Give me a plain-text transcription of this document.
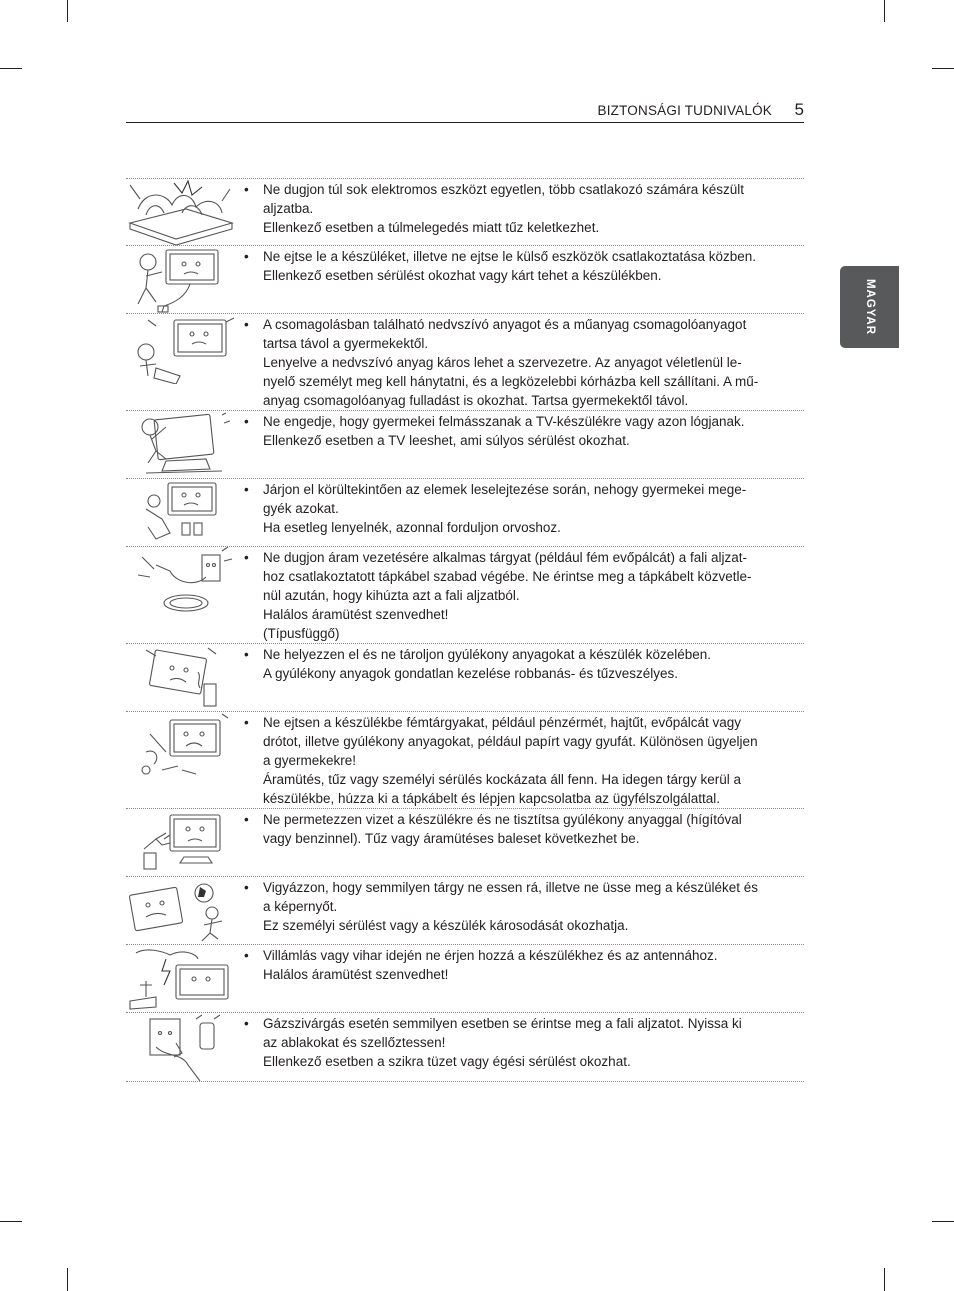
BIZTONSÁGI TUDNIVALÓK 5
MAGYAR
• Ne dugjon túl sok elektromos eszközt egyetlen, több csatlakozó számára készült

aljzatba.

Ellenkező esetben a túlmelegedés miatt tűz keletkezhet.

• Ne ejtse le a készüléket, illetve ne ejtse le külső eszközök csatlakoztatása közben.

Ellenkező esetben sérülést okozhat vagy kárt tehet a készülékben.

• A csomagolásban található nedvszívó anyagot és a műanyag csomagolóanyagot

tartsa távol a gyermekektől.

Lenyelve a nedvszívó anyag káros lehet a szervezetre. Az anyagot véletlenül le-

nyelő személyt meg kell hánytatni, és a legközelebbi kórházba kell szállítani. A mű-

anyag csomagolóanyag fulladást is okozhat. Tartsa gyermekektől távol.

• Ne engedje, hogy gyermekei felmásszanak a TV-készülékre vagy azon lógjanak.

Ellenkező esetben a TV leeshet, ami súlyos sérülést okozhat.

• Járjon el körültekintően az elemek leselejtezése során, nehogy gyermekei mege-

gyék azokat.

Ha esetleg lenyelnék, azonnal forduljon orvoshoz.

• Ne dugjon áram vezetésére alkalmas tárgyat (például fém evőpálcát) a fali aljzat-

hoz csatlakoztatott tápkábel szabad végébe. Ne érintse meg a tápkábelt közvetle-

nül azután, hogy kihúzta azt a fali aljzatból.

Halálos áramütést szenvedhet!

(Típusfüggő)

• Ne helyezzen el és ne tároljon gyúlékony anyagokat a készülék közelében.

A gyúlékony anyagok gondatlan kezelése robbanás- és tűzveszélyes.

• Ne ejtsen a készülékbe fémtárgyakat, például pénzérmét, hajtűt, evőpálcát vagy

drótot, illetve gyúlékony anyagokat, például papírt vagy gyufát. Különösen ügyeljen

a gyermekekre!

Áramütés, tűz vagy személyi sérülés kockázata áll fenn. Ha idegen tárgy kerül a

készülékbe, húzza ki a tápkábelt és lépjen kapcsolatba az ügyfélszolgálattal.

• Ne permetezzen vizet a készülékre és ne tisztítsa gyúlékony anyaggal (hígítóval

vagy benzinnel). Tűz vagy áramütéses baleset következhet be.

• Vigyázzon, hogy semmilyen tárgy ne essen rá, illetve ne üsse meg a készüléket és

a képernyőt.

Ez személyi sérülést vagy a készülék károsodását okozhatja.

• Villámlás vagy vihar idején ne érjen hozzá a készülékhez és az antennához.

Halálos áramütést szenvedhet!

• Gázszivárgás esetén semmilyen esetben se érintse meg a fali aljzatot. Nyissa ki

az ablakokat és szellőztessen!

Ellenkező esetben a szikra tüzet vagy égési sérülést okozhat.
